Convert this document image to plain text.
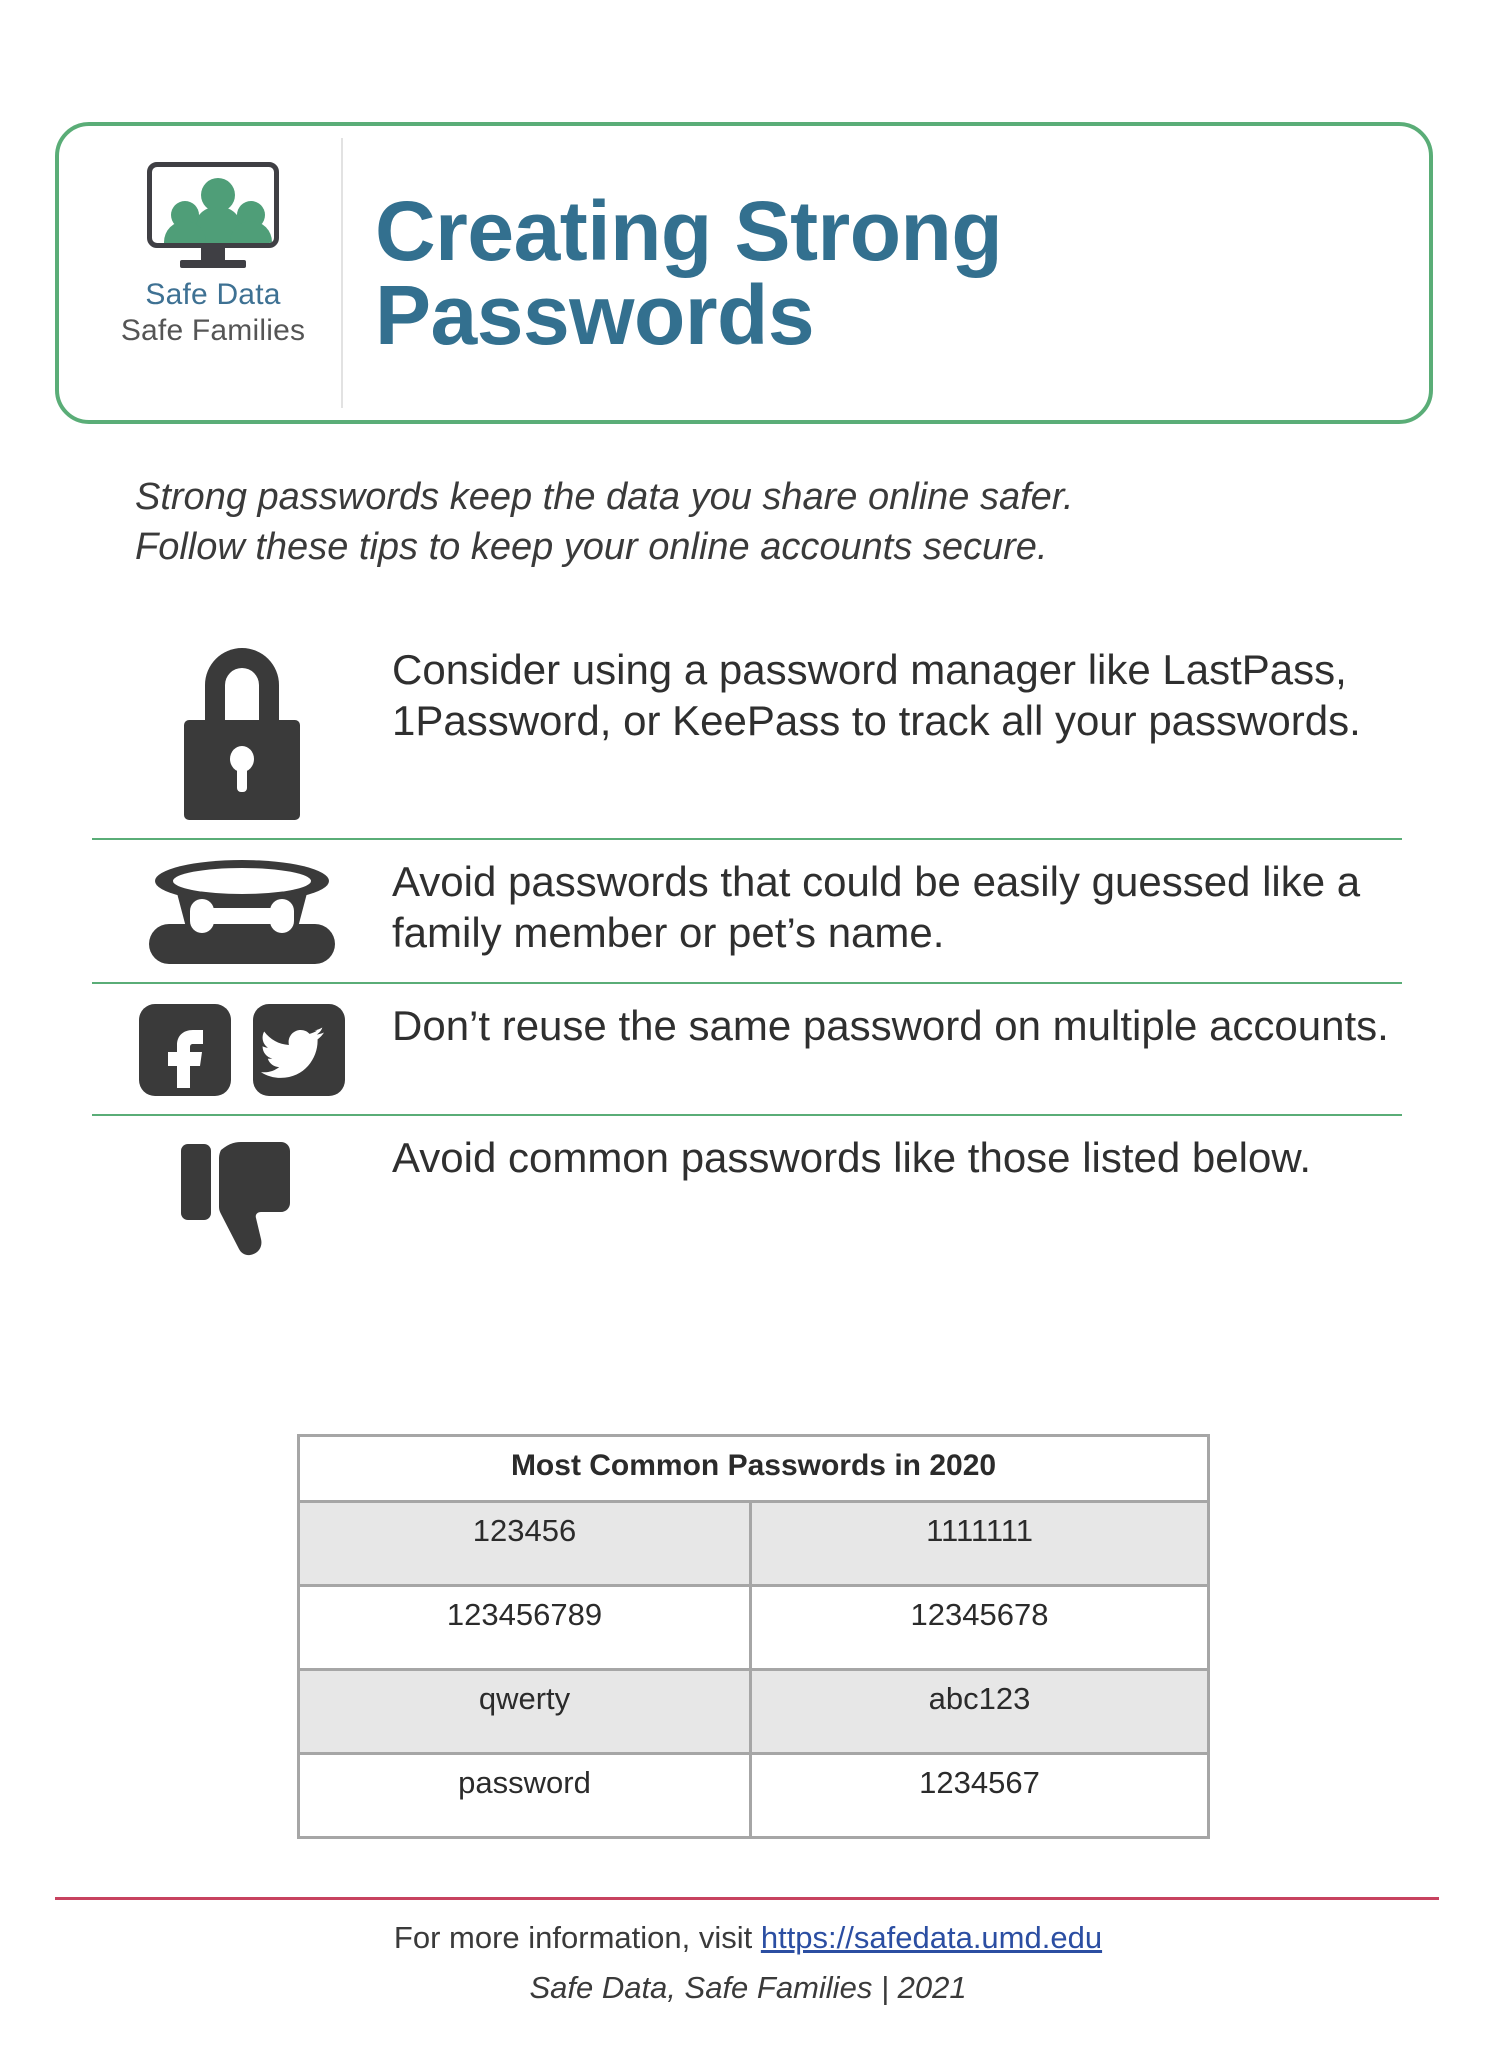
Safe Data
Safe Families
Creating Strong Passwords
Strong passwords keep the data you share online safer.
Follow these tips to keep your online accounts secure.
Consider using a password manager like LastPass, 1Password, or KeePass to track all your passwords.
Avoid passwords that could be easily guessed like a family member or pet’s name.
Don’t reuse the same password on multiple accounts.
Avoid common passwords like those listed below.
Most Common Passwords in 2020	
123456	1111111
123456789	12345678
qwerty	abc123
password	1234567
For more information, visit https://safedata.umd.edu
Safe Data, Safe Families | 2021
